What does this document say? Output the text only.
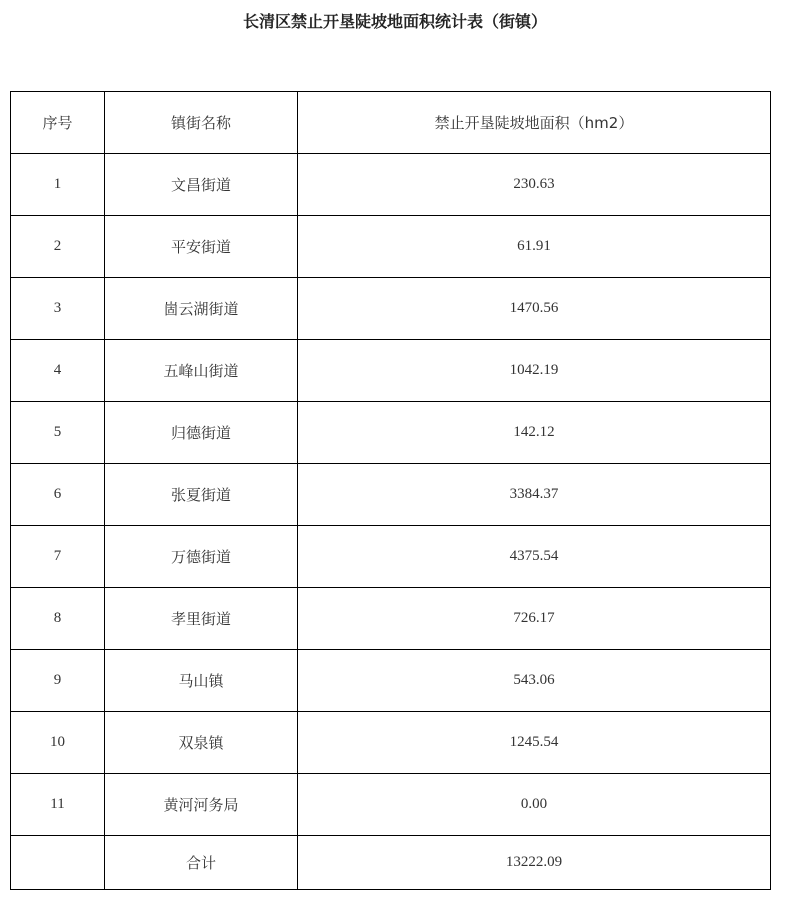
长清区禁止开垦陡坡地面积统计表（街镇）
序号	镇街名称	禁止开垦陡坡地面积（hm2）
1	文昌街道	230.63
2	平安街道	61.91
3	崮云湖街道	1470.56
4	五峰山街道	1042.19
5	归德街道	142.12
6	张夏街道	3384.37
7	万德街道	4375.54
8	孝里街道	726.17
9	马山镇	543.06
10	双泉镇	1245.54
11	黄河河务局	0.00
	合计	13222.09
